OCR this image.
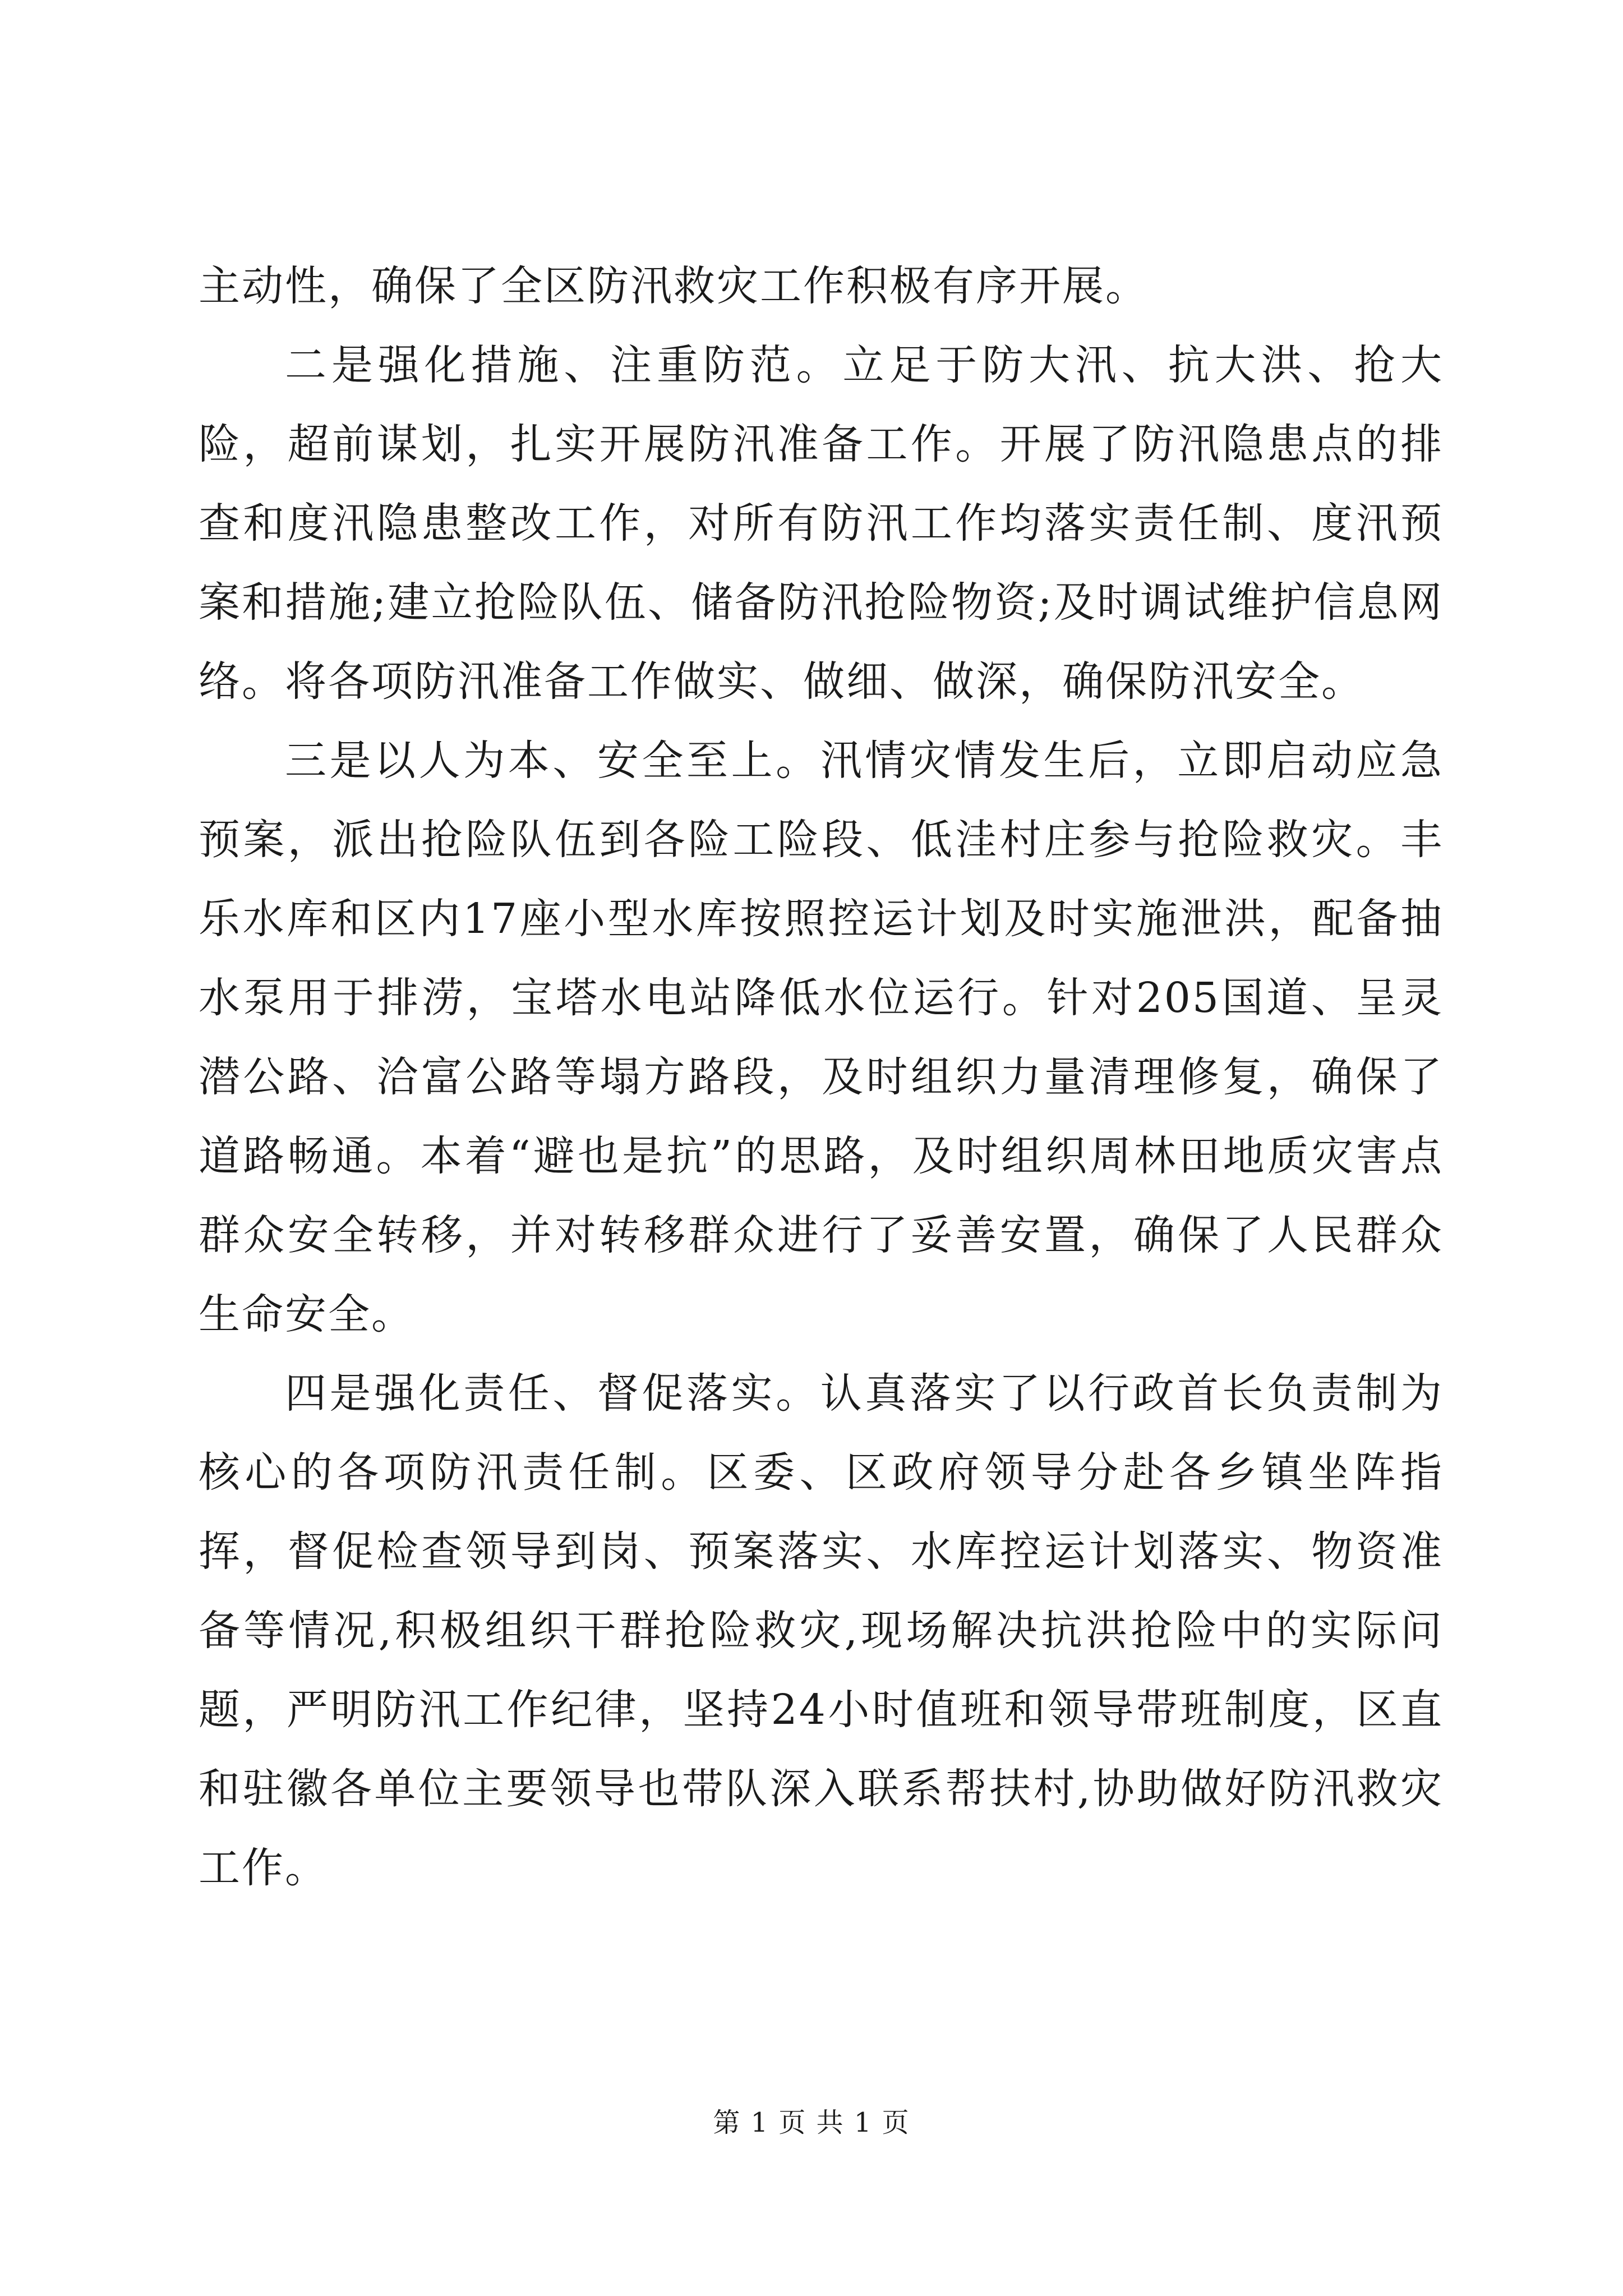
主动性，确保了全区防汛救灾工作积极有序开展。

二是强化措施、注重防范。立足于防大汛、抗大洪、抢大险，超前谋划，扎实开展防汛准备工作。开展了防汛隐患点的排查和度汛隐患整改工作，对所有防汛工作均落实责任制、度汛预案和措施;建立抢险队伍、储备防汛抢险物资;及时调试维护信息网络。将各项防汛准备工作做实、做细、做深，确保防汛安全。

三是以人为本、安全至上。汛情灾情发生后，立即启动应急预案，派出抢险队伍到各险工险段、低洼村庄参与抢险救灾。丰乐水库和区内17座小型水库按照控运计划及时实施泄洪，配备抽水泵用于排涝，宝塔水电站降低水位运行。针对205国道、呈灵潜公路、洽富公路等塌方路段，及时组织力量清理修复，确保了道路畅通。本着“避也是抗”的思路，及时组织周林田地质灾害点群众安全转移，并对转移群众进行了妥善安置，确保了人民群众生命安全。

四是强化责任、督促落实。认真落实了以行政首长负责制为核心的各项防汛责任制。区委、区政府领导分赴各乡镇坐阵指挥，督促检查领导到岗、预案落实、水库控运计划落实、物资准备等情况,积极组织干群抢险救灾,现场解决抗洪抢险中的实际问题，严明防汛工作纪律，坚持24小时值班和领导带班制度，区直和驻徽各单位主要领导也带队深入联系帮扶村,协助做好防汛救灾工作。

第 1 页 共 1 页
